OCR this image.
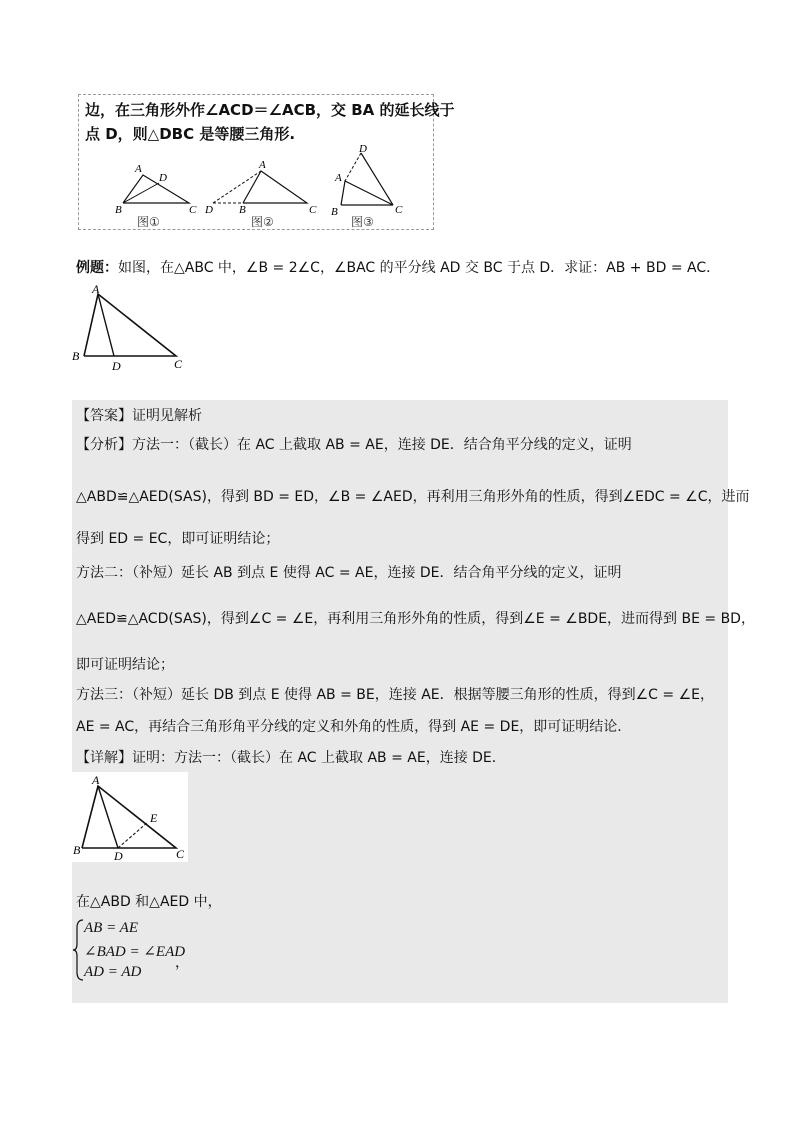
边，在三角形外作∠ACD＝∠ACB，交 BA 的延长线于
点 D，则△DBC 是等腰三角形.
A
D
B	C
图①
A
D B	C
图②
D
A
B	C
图③
例题：如图，在△ABC 中，∠B = 2∠C，∠BAC 的平分线 AD 交 BC 于点 D．求证：AB + BD = AC．
A
B
D	C
【答案】证明见解析
【分析】方法一：（截长）在 AC 上截取 AB = AE，连接 DE．结合角平分线的定义，证明
△ABD≌△AED(SAS)，得到 BD = ED，∠B = ∠AED，再利用三角形外角的性质，得到∠EDC = ∠C，进而
得到 ED = EC，即可证明结论；
方法二：（补短）延长 AB 到点 E 使得 AC = AE，连接 DE．结合角平分线的定义，证明
△AED≌△ACD(SAS)，得到∠C = ∠E，再利用三角形外角的性质，得到∠E = ∠BDE，进而得到 BE = BD，
即可证明结论；
方法三：（补短）延长 DB 到点 E 使得 AB = BE，连接 AE．根据等腰三角形的性质，得到∠C = ∠E，
AE = AC，再结合三角形角平分线的定义和外角的性质，得到 AE = DE，即可证明结论.
【详解】证明：方法一：（截长）在 AC 上截取 AB = AE，连接 DE．
A
E
B	D	C
在△ABD 和△AED 中，
AB = AE
∠BAD = ∠EAD
AD = AD
，
